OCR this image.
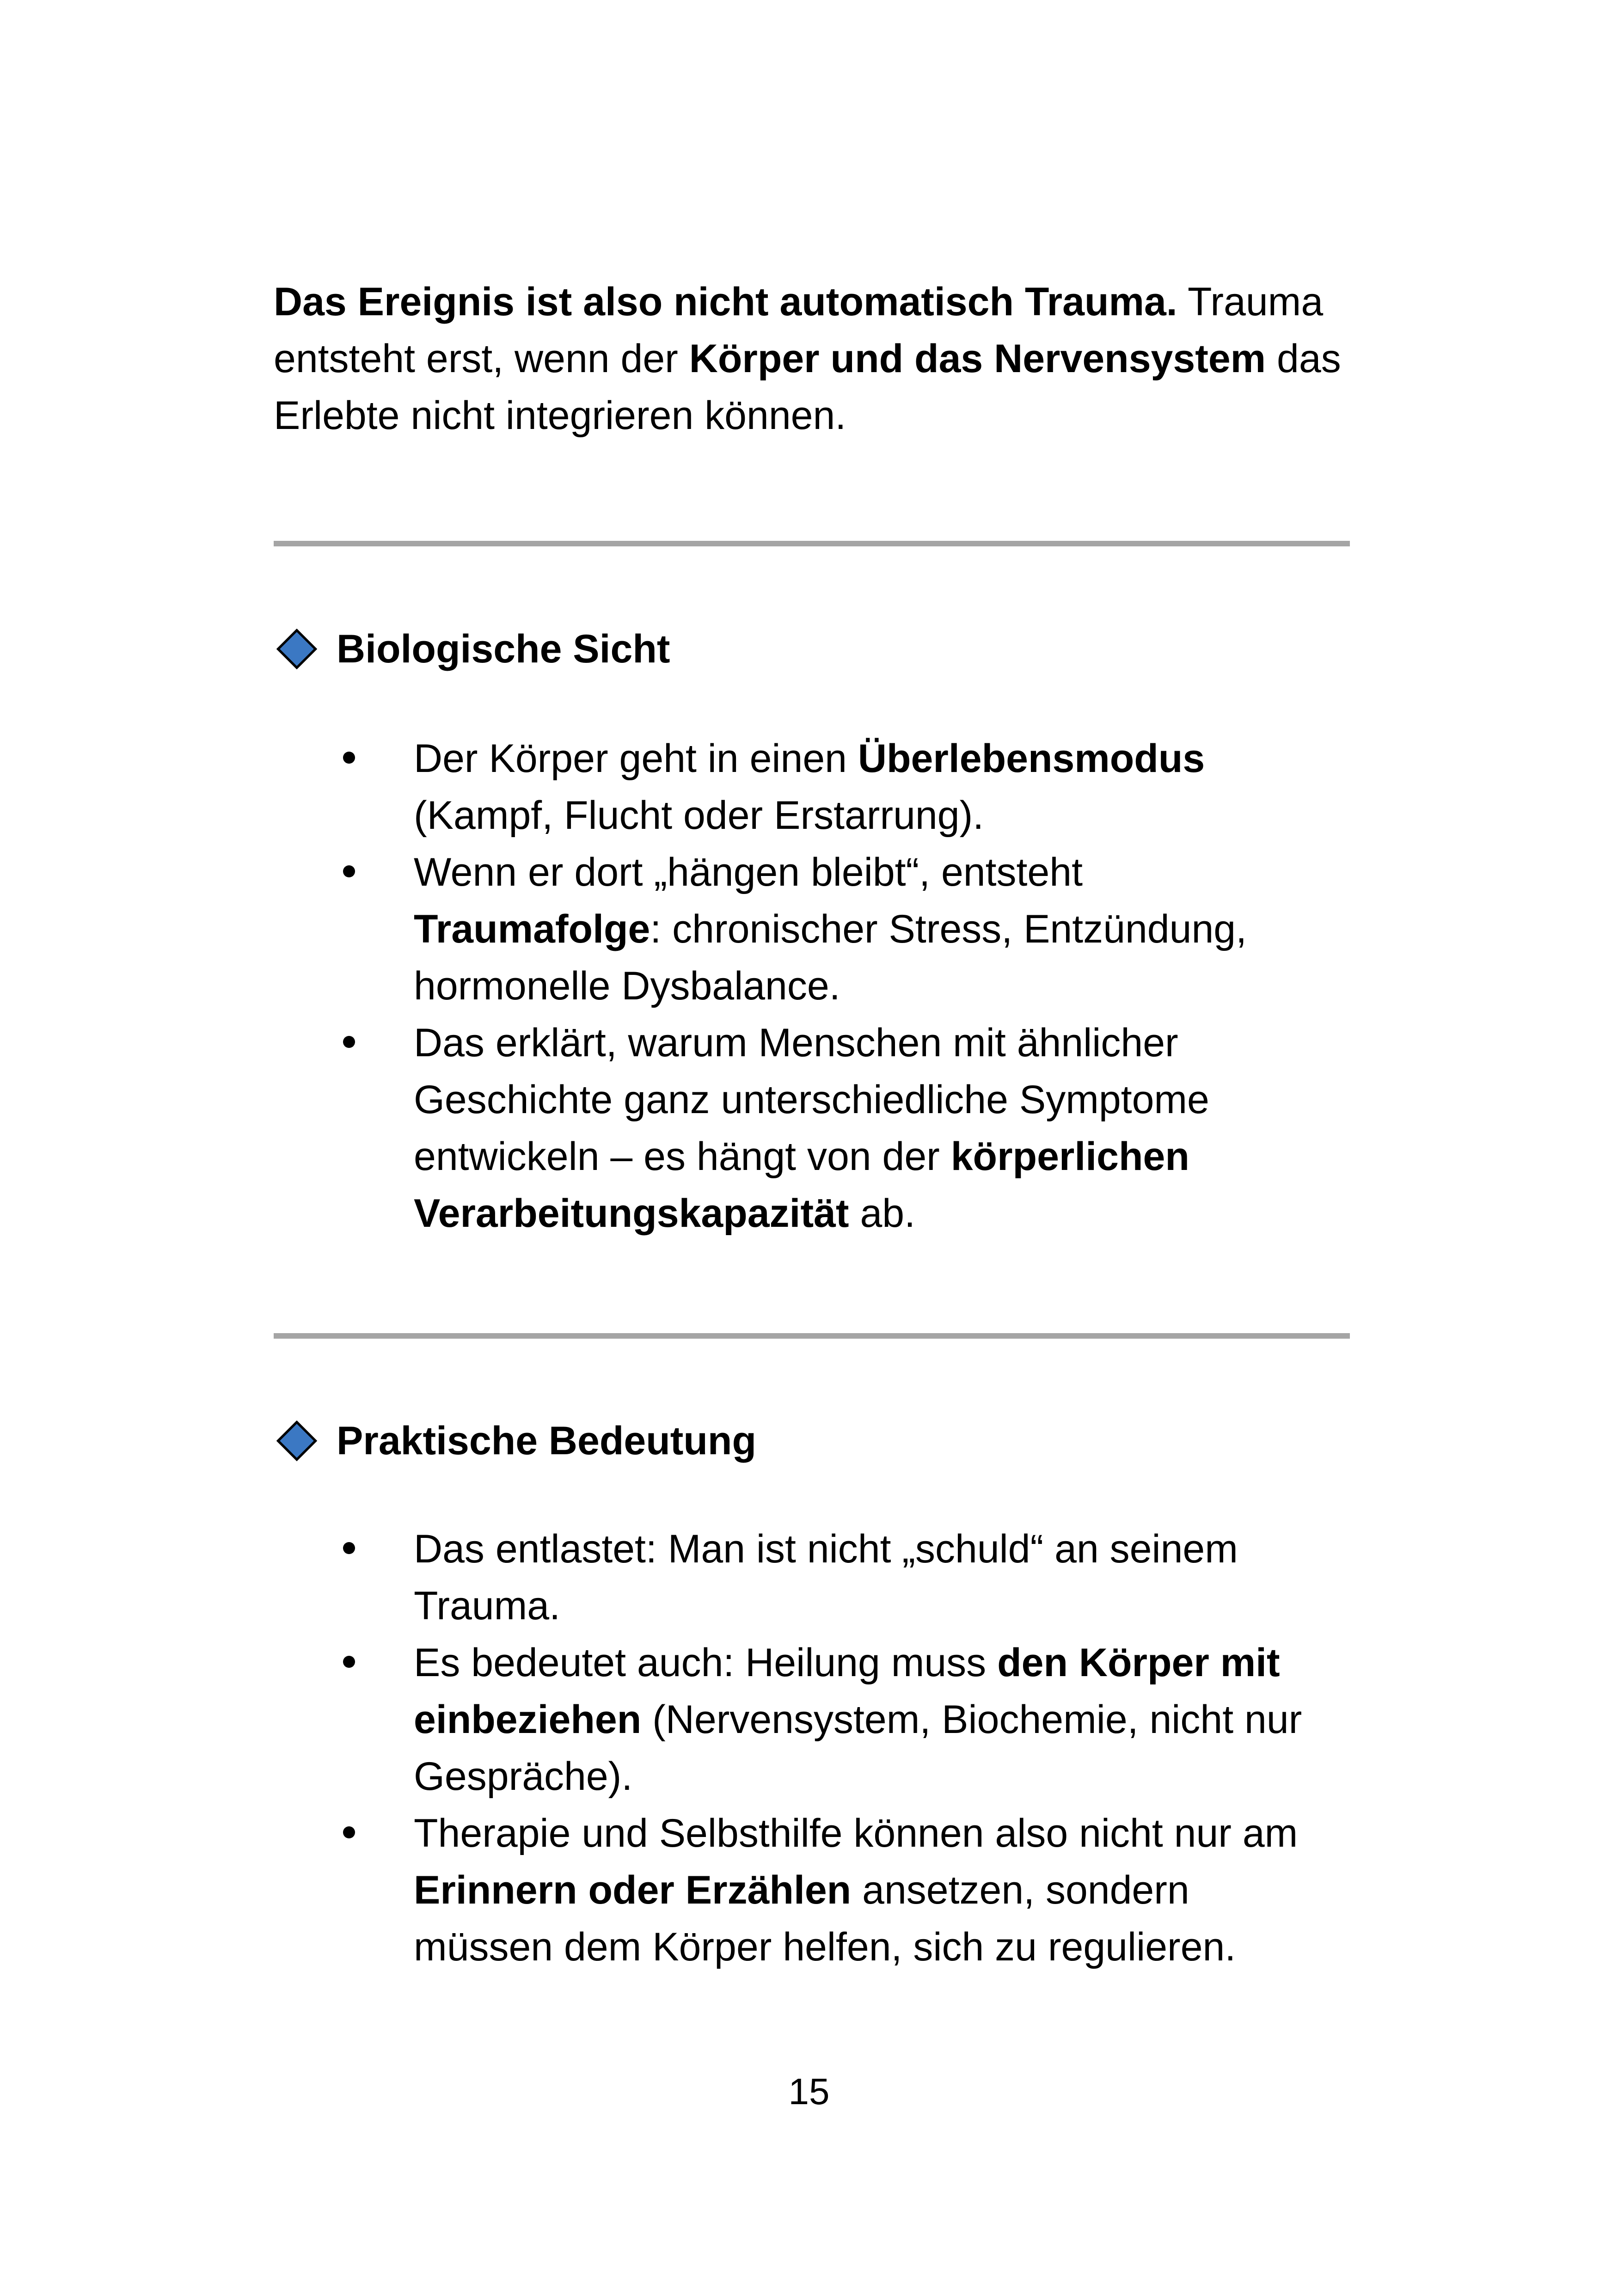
Das Ereignis ist also nicht automatisch Trauma. Trauma entsteht erst, wenn der Körper und das Nervensystem das Erlebte nicht integrieren können.

Biologische Sicht
Der Körper geht in einen Überlebensmodus (Kampf, Flucht oder Erstarrung).
Wenn er dort „hängen bleibt“, entsteht Traumafolge: chronischer Stress, Entzündung, hormonelle Dysbalance.
Das erklärt, warum Menschen mit ähnlicher Geschichte ganz unterschiedliche Symptome entwickeln – es hängt von der körperlichen Verarbeitungskapazität ab.
Praktische Bedeutung
Das entlastet: Man ist nicht „schuld“ an seinem Trauma.
Es bedeutet auch: Heilung muss den Körper mit einbeziehen (Nervensystem, Biochemie, nicht nur Gespräche).
Therapie und Selbsthilfe können also nicht nur am Erinnern oder Erzählen ansetzen, sondern müssen dem Körper helfen, sich zu regulieren.
15
